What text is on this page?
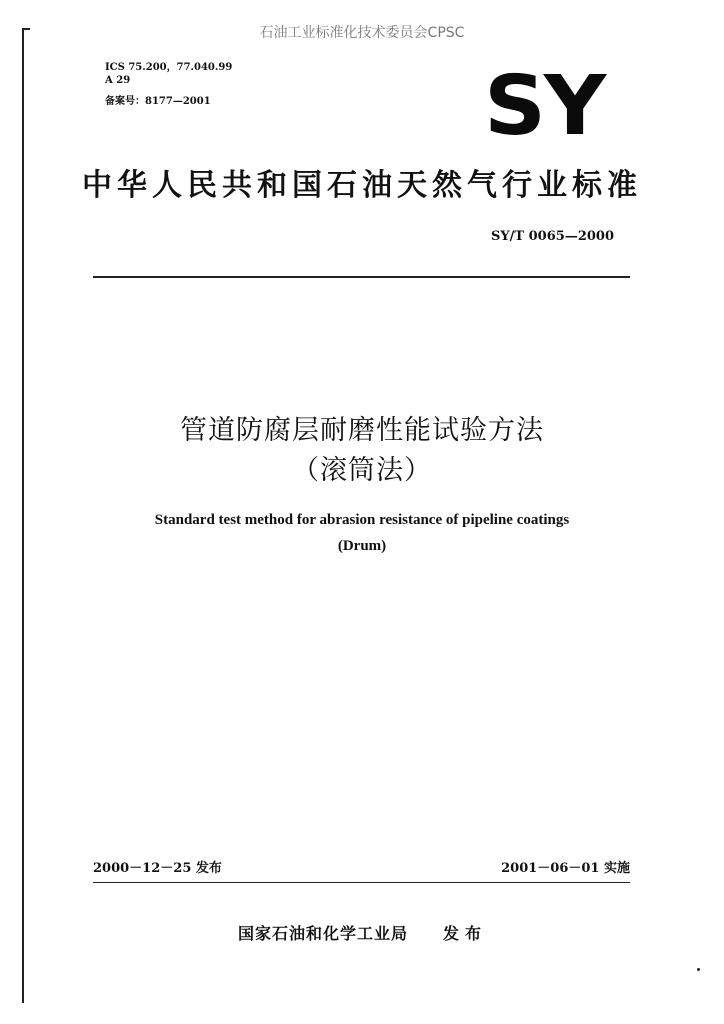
石油工业标准化技术委员会CPSC
ICS 75.200，77.040.99
A 29
备案号：8177—2001	SY
中华人民共和国石油天然气行业标准
SY/T 0065—2000
管道防腐层耐磨性能试验方法
（滚筒法）
Standard test method for abrasion resistance of pipeline coatings
(Drum)
2000－12－25 发布	2001－06－01 实施
国家石油和化学工业局 发布
